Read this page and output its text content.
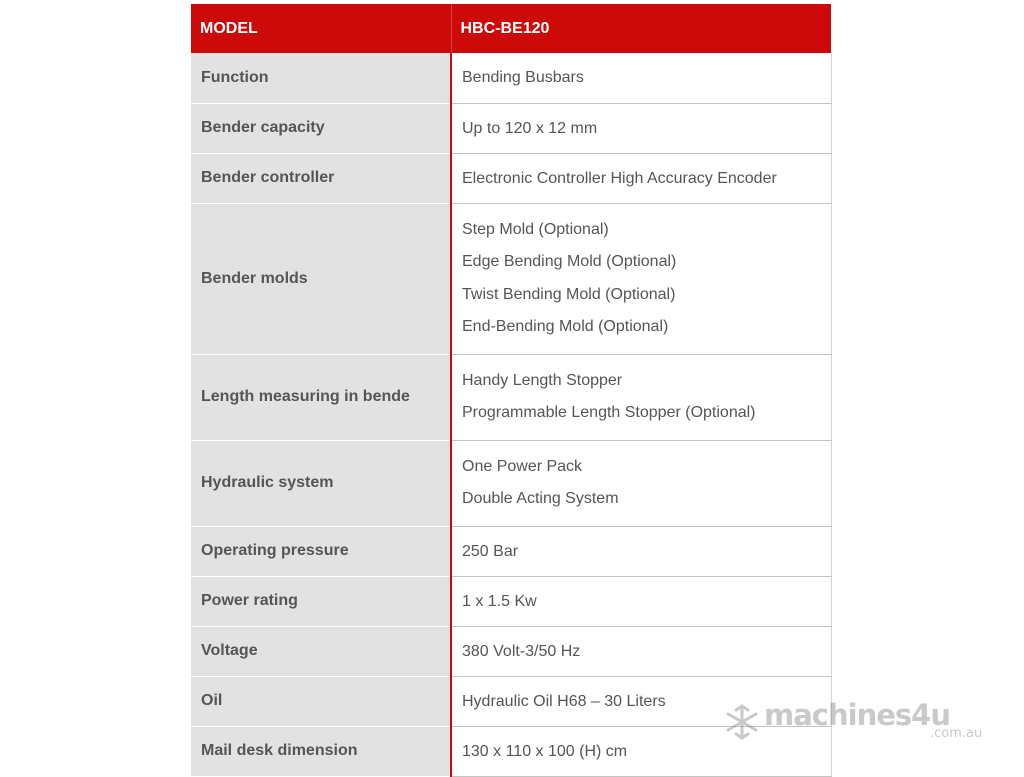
MODEL	HBC-BE120
Function	Bending Busbars

Bender capacity	Up to 120 x 12 mm

Bender controller	Electronic Controller High Accuracy Encoder

Bender molds	Step Mold (Optional)
Edge Bending Mold (Optional)
Twist Bending Mold (Optional)
End-Bending Mold (Optional)

Length measuring in bende	Handy Length Stopper
Programmable Length Stopper (Optional)

Hydraulic system	One Power Pack
Double Acting System

Operating pressure	250 Bar

Power rating	1 x 1.5 Kw

Voltage	380 Volt-3/50 Hz

Oil	Hydraulic Oil H68 – 30 Liters

Mail desk dimension	130 x 110 x 100 (H) cm
machines4u
.com.au
